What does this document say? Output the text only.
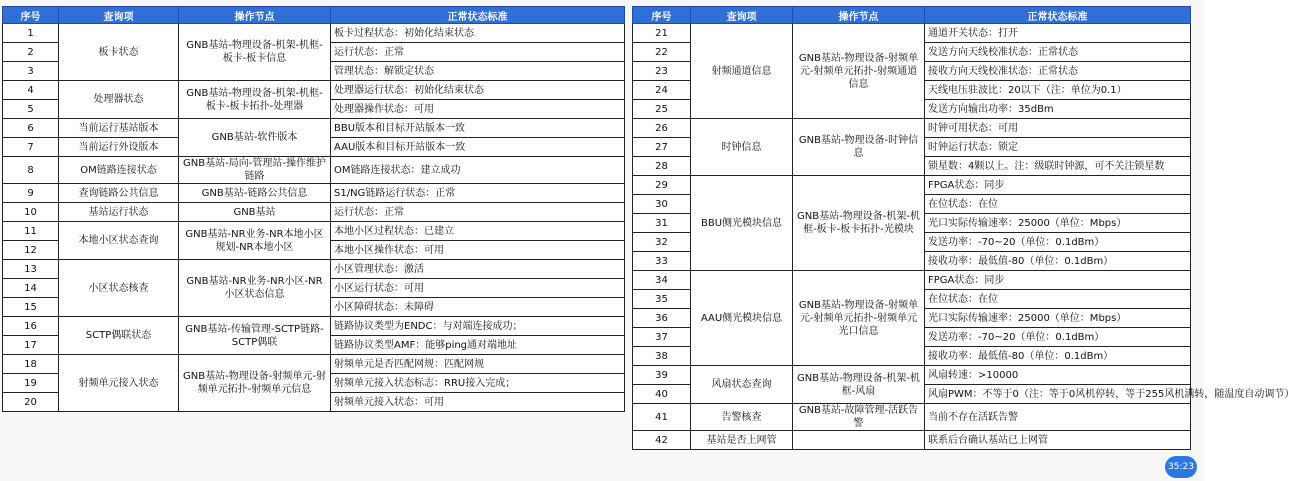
序号	查询项	操作节点	正常状态标准
1	板卡状态	GNB基站-物理设备-机架-机框-板卡-板卡信息	板卡过程状态：初始化结束状态
2			运行状态：正常
3			管理状态：解锁定状态
4	处理器状态	GNB基站-物理设备-机架-机框-板卡-板卡拓扑-处理器	处理器运行状态：初始化结束状态
5			处理器操作状态：可用
6	当前运行基站版本	GNB基站-软件版本	BBU版本和目标开站版本一致
7	当前运行外设版本		AAU版本和目标开站版本一致
8	OM链路连接状态	GNB基站-局向-管理站-操作维护链路	OM链路连接状态：建立成功
9	查询链路公共信息	GNB基站-链路公共信息	S1/NG链路运行状态：正常
10	基站运行状态	GNB基站	运行状态：正常
11	本地小区状态查询	GNB基站-NR业务-NR本地小区规划-NR本地小区	本地小区过程状态：已建立
12			本地小区操作状态：可用
13	小区状态核查	GNB基站-NR业务-NR小区-NR小区状态信息	小区管理状态：激活
14			小区运行状态：可用
15			小区障碍状态：未障碍
16	SCTP偶联状态	GNB基站-传输管理-SCTP链路-SCTP偶联	链路协议类型为ENDC：与对端连接成功；
17			链路协议类型AMF：能够ping通对端地址
18	射频单元接入状态	GNB基站-物理设备-射频单元-射频单元拓扑-射频单元信息	射频单元是否匹配网规：匹配网规
19			射频单元接入状态标志：RRU接入完成；
20			射频单元接入状态：可用
序号	查询项	操作节点	正常状态标准
21	射频通道信息	GNB基站-物理设备-射频单元-射频单元拓扑-射频通道信息	通道开关状态：打开
22			发送方向天线校准状态：正常状态
23			接收方向天线校准状态：正常状态
24			天线电压驻波比：20以下（注：单位为0.1）
25			发送方向输出功率：35dBm
26	时钟信息	GNB基站-物理设备-时钟信息	时钟可用状态：可用
27			时钟运行状态：锁定
28			锁星数：4颗以上。注：级联时钟源，可不关注锁星数
29	BBU侧光模块信息	GNB基站-物理设备-机架-机框-板卡-板卡拓扑-光模块	FPGA状态：同步
30			在位状态：在位
31			光口实际传输速率：25000（单位：Mbps）
32			发送功率：-70~20（单位：0.1dBm）
33			接收功率：最低值-80（单位：0.1dBm）
34	AAU侧光模块信息	GNB基站-物理设备-射频单元-射频单元拓扑-射频单元光口信息	FPGA状态：同步
35			在位状态：在位
36			光口实际传输速率：25000（单位：Mbps）
37			发送功率：-70~20（单位：0.1dBm）
38			接收功率：最低值-80（单位：0.1dBm）
39	风扇状态查询	GNB基站-物理设备-机架-机框-风扇	风扇转速：>10000
40			风扇PWM：不等于0（注：等于0风机停转，等于255风机满转，随温度自动调节）
41	告警核查	GNB基站-故障管理-活跃告警	当前不存在活跃告警
42	基站是否上网管		联系后台确认基站已上网管
35:23
